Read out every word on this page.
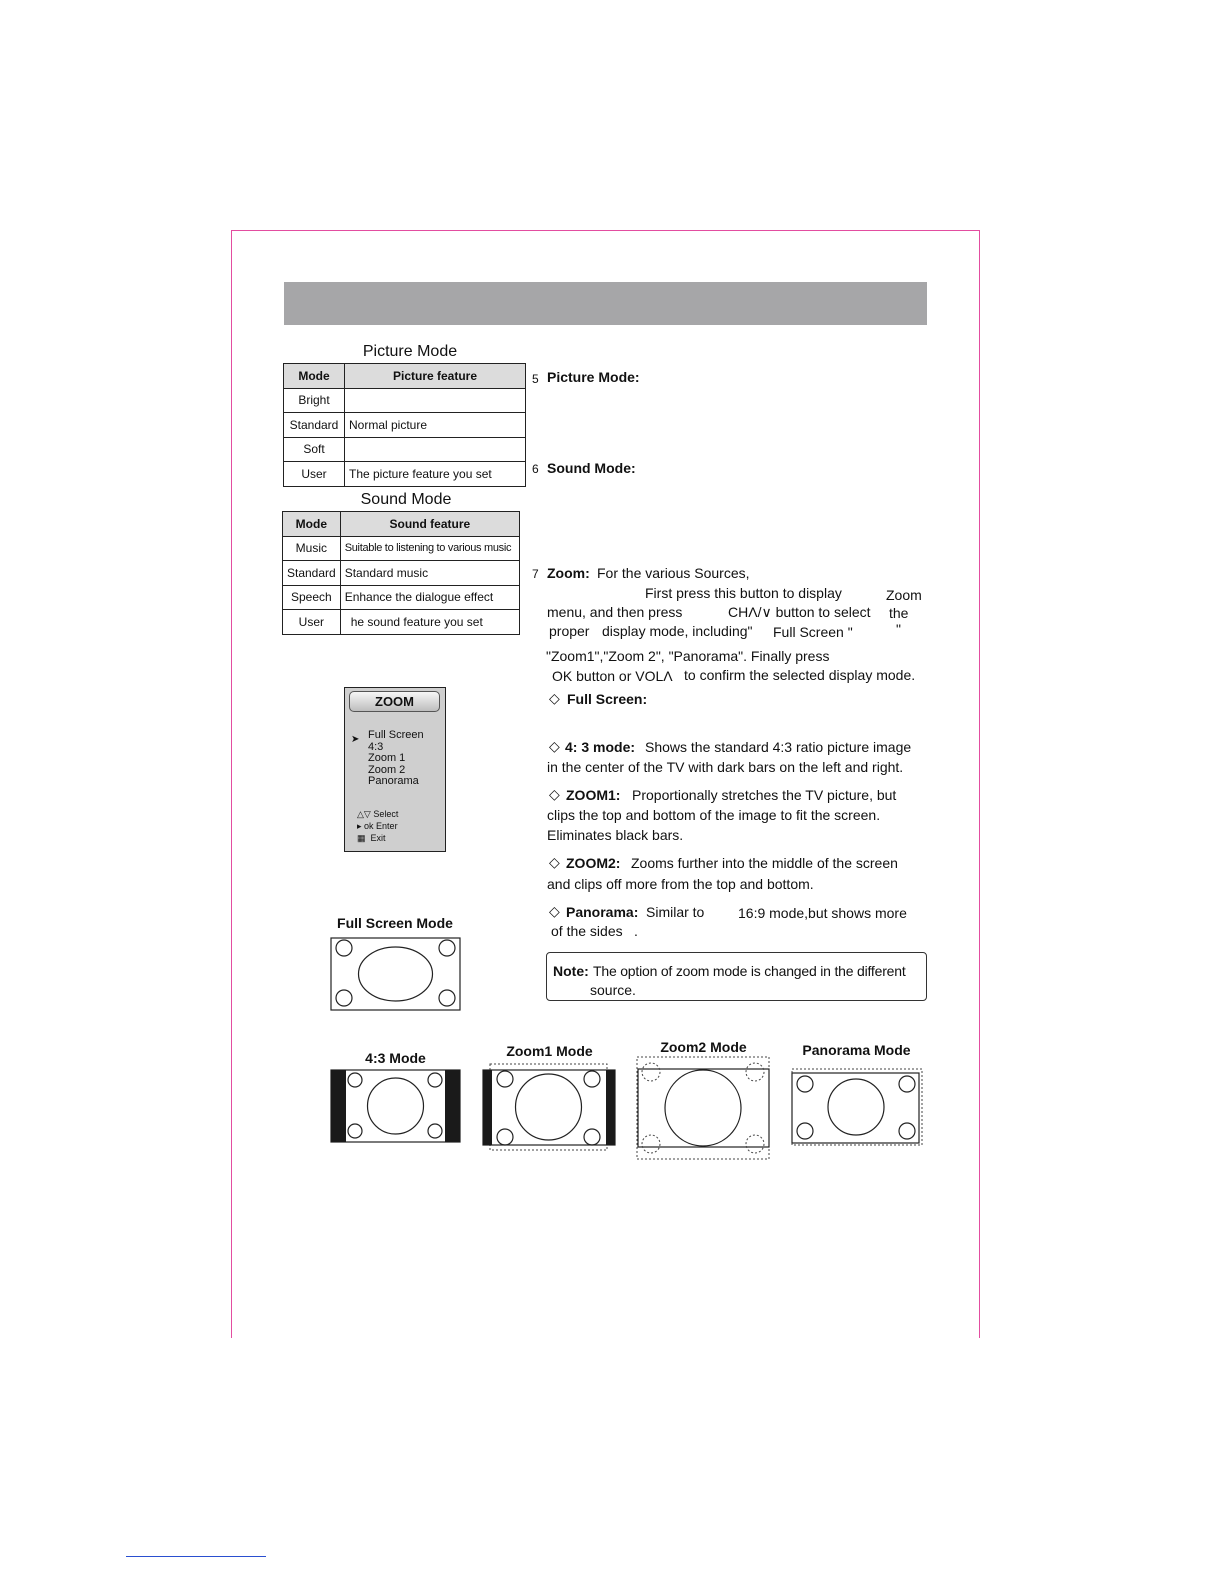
Picture Mode
Mode	Picture feature
Bright	
Standard	Normal picture
Soft	
User	The picture feature you set
Sound Mode
Mode	Sound feature
Music	Suitable to listening to various music
Standard	Standard music
Speech	Enhance the dialogue effect
User	he sound feature you set
5 Picture Mode:
6 Sound Mode:
7 Zoom: For the various Sources,
First press this button to display	Zoom
menu, and then press	CHΛ/∨ button to select the
proper display mode, including" Full Screen "	"
"Zoom1","Zoom 2", "Panorama". Finally press
OK button or VOLΛ to confirm the selected display mode.
◇ Full Screen:
◇ 4: 3 mode: Shows the standard 4:3 ratio picture image
in the center of the TV with dark bars on the left and right.
◇ ZOOM1: Proportionally stretches the TV picture, but
clips the top and bottom of the image to fit the screen.
Eliminates black bars.
◇ ZOOM2: Zooms further into the middle of the screen
and clips off more from the top and bottom.
◇ Panorama: Similar to 16:9 mode,but shows more
of the sides .
Note: The option of zoom mode is changed in the different
source.
ZOOM
➤ Full Screen
4:3
Zoom 1
Zoom 2
Panorama
△▽ Select
▸ ok Enter
▦ Exit
Full Screen Mode
4:3 Mode	Zoom1 Mode	Zoom2 Mode	Panorama Mode
